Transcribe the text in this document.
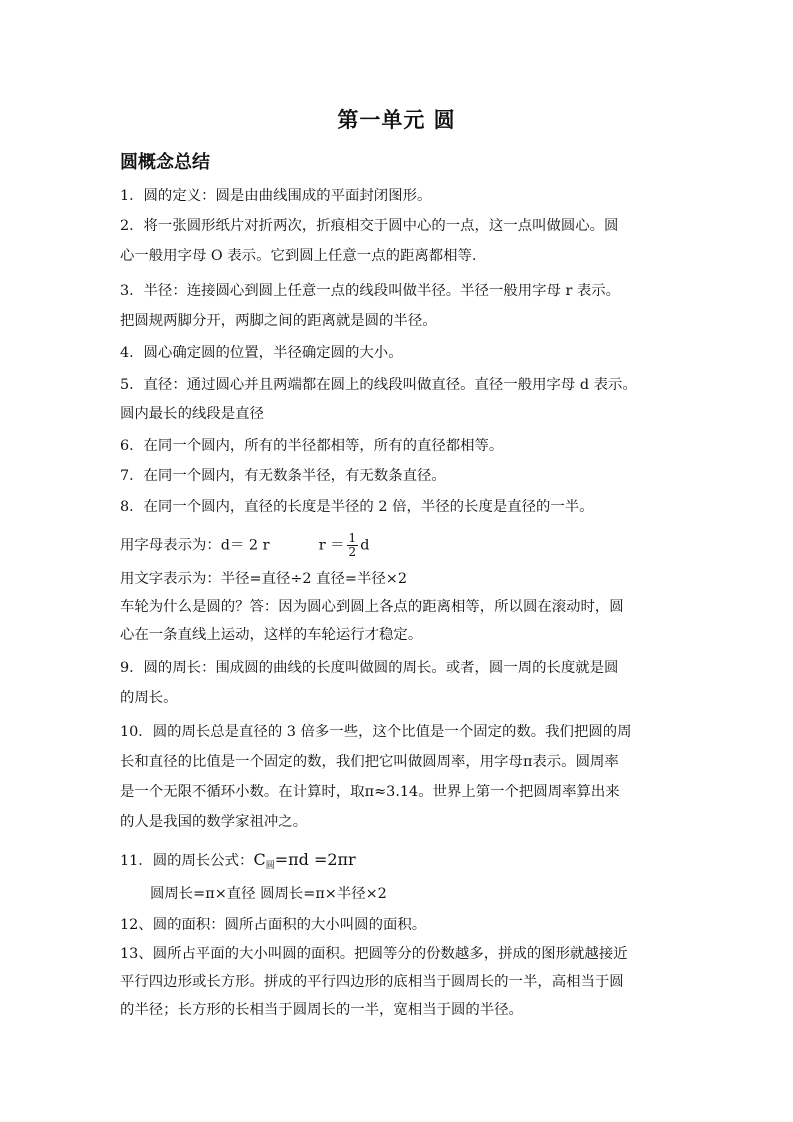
第一单元 圆
圆概念总结
1．圆的定义：圆是由曲线围成的平面封闭图形。
2．将一张圆形纸片对折两次，折痕相交于圆中心的一点，这一点叫做圆心。圆
心一般用字母 O 表示。它到圆上任意一点的距离都相等.
3．半径：连接圆心到圆上任意一点的线段叫做半径。半径一般用字母 r 表示。
把圆规两脚分开，两脚之间的距离就是圆的半径。
4．圆心确定圆的位置，半径确定圆的大小。
5．直径：通过圆心并且两端都在圆上的线段叫做直径。直径一般用字母 d 表示。
圆内最长的线段是直径
6．在同一个圆内，所有的半径都相等，所有的直径都相等。
7．在同一个圆内，有无数条半径，有无数条直径。
8．在同一个圆内，直径的长度是半径的 2 倍，半径的长度是直径的一半。
用字母表示为：d＝ 2 r	$r = \frac{1}{2}$ d
用文字表示为：半径=直径÷2 直径=半径×2
车轮为什么是圆的？答：因为圆心到圆上各点的距离相等，所以圆在滚动时，圆
心在一条直线上运动，这样的车轮运行才稳定。
9．圆的周长：围成圆的曲线的长度叫做圆的周长。或者，圆一周的长度就是圆
的周长。
10．圆的周长总是直径的 3 倍多一些，这个比值是一个固定的数。我们把圆的周
长和直径的比值是一个固定的数，我们把它叫做圆周率，用字母π表示。圆周率
是一个无限不循环小数。在计算时，取π≈3.14。世界上第一个把圆周率算出来
的人是我国的数学家祖冲之。
11．圆的周长公式：$C_圆=\pi d =2\pi r$
圆周长=π×直径 圆周长=π×半径×2
12、圆的面积：圆所占面积的大小叫圆的面积。
13、圆所占平面的大小叫圆的面积。把圆等分的份数越多，拼成的图形就越接近
平行四边形或长方形。拼成的平行四边形的底相当于圆周长的一半，高相当于圆
的半径；长方形的长相当于圆周长的一半，宽相当于圆的半径。
